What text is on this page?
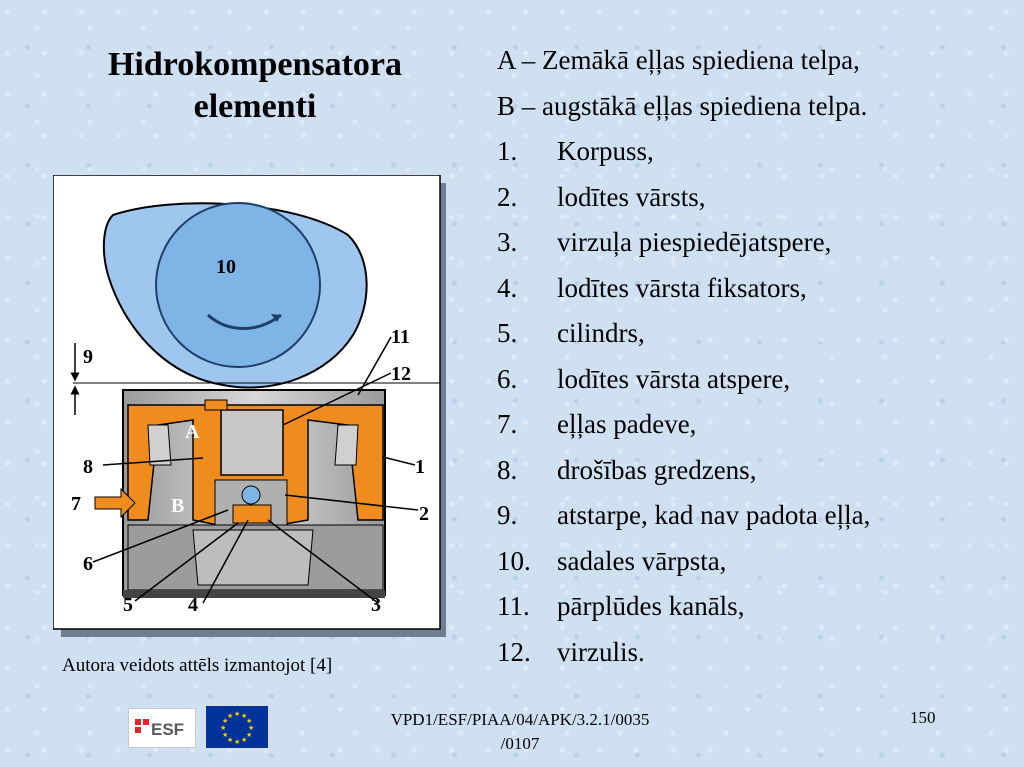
Hidrokompensatora elementi
A – Zemākā eļļas spiediena telpa,
B – augstākā eļļas spiediena telpa.
1. Korpuss,
2. lodītes vārsts,
3. virzuļa piespiedējatspere,
4. lodītes vārsta fiksators,
5. cilindrs,
6. lodītes vārsta atspere,
7. eļļas padeve,
8. drošības gredzens,
9. atstarpe, kad nav padota eļļa,
10. sadales vārpsta,
11. pārplūdes kanāls,
12. virzulis.
10
11
12
9
A
B
8
7
6
5	4	3
2
1
Autora veidots attēls izmantojot [4]
ESF
★ ★
★
★
★
★
★
★
★
★
★
★	VPD1/ESF/PIAA/04/APK/3.2.1/0035
/0107
150
